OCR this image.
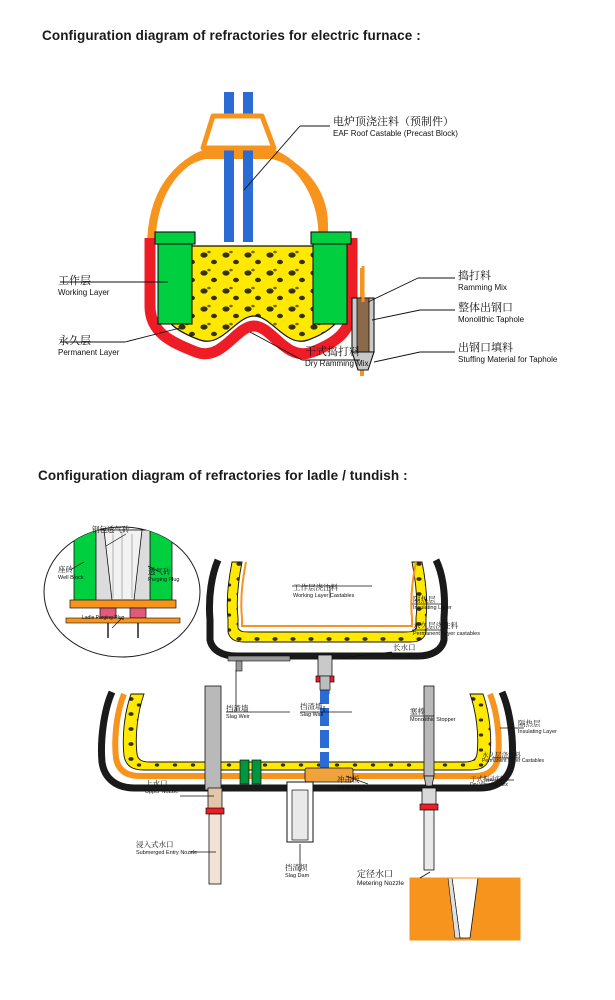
Configuration diagram of refractories for electric furnace :
电炉顶浇注料（预制件）
EAF Roof Castable (Precast Block)
工作层
Working Layer
永久层
Permanent Layer	干式捣打料
Dry Ramming Mix
捣打料
Ramming Mix
整体出钢口
Monolithic Taphole
出钢口填料
Stuffing Material for Taphole
Configuration diagram of refractories for ladle / tundish :
钢包透气砖
座砖
Well Block
透气砖
Purging Plug
Ladle Purging Plug
工作层浇注料
Working Layer Castables	隔热层
Insulating Layer
永久层浇注料
Permanent Layer castables
长水口
Shroud
挡渣墙
Slag Weir
挡渣墙
Slag Wall	塞棒
Monolithic Stopper	隔热层
Insulating Layer
永久层浇注料
Permanent Layer Castables
干式振动料
Dry Vibrating Mix
上水口
Upper Nozzle
冲击板
Impact Pad
浸入式水口
Submerged Entry Nozzle
挡渣坝
Slag Dam	定径水口
Metering Nozzle
